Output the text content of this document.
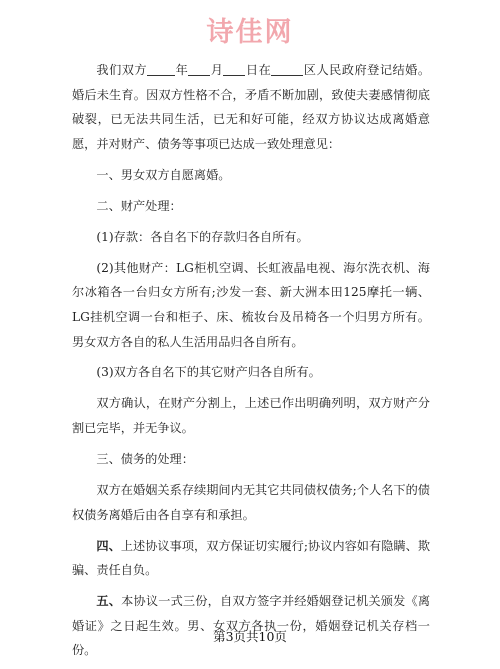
诗佳网

我们双方 年 月 日在	区人民政府登记结婚。婚后未生育。因双方性格不合，矛盾不断加剧，致使夫妻感情彻底破裂，已无法共同生活，已无和好可能，经双方协议达成离婚意愿，并对财产、债务等事项已达成一致处理意见：

一、男女双方自愿离婚。

二、财产处理：

(1)存款：各自名下的存款归各自所有。

(2)其他财产：LG柜机空调、长虹液晶电视、海尔洗衣机、海尔冰箱各一台归女方所有;沙发一套、新大洲本田125摩托一辆、LG挂机空调一台和柜子、床、梳妆台及吊椅各一个归男方所有。男女双方各自的私人生活用品归各自所有。

(3)双方各自名下的其它财产归各自所有。

双方确认，在财产分割上，上述已作出明确列明，双方财产分割已完毕，并无争议。

三、债务的处理：

双方在婚姻关系存续期间内无其它共同债权债务;个人名下的债权债务离婚后由各自享有和承担。

四、上述协议事项，双方保证切实履行;协议内容如有隐瞒、欺骗、责任自负。

五、本协议一式三份，自双方签字并经婚姻登记机关颁发《离婚证》之日起生效。男、女双方各执一份，婚姻登记机关存档一份。

第3页共10页
